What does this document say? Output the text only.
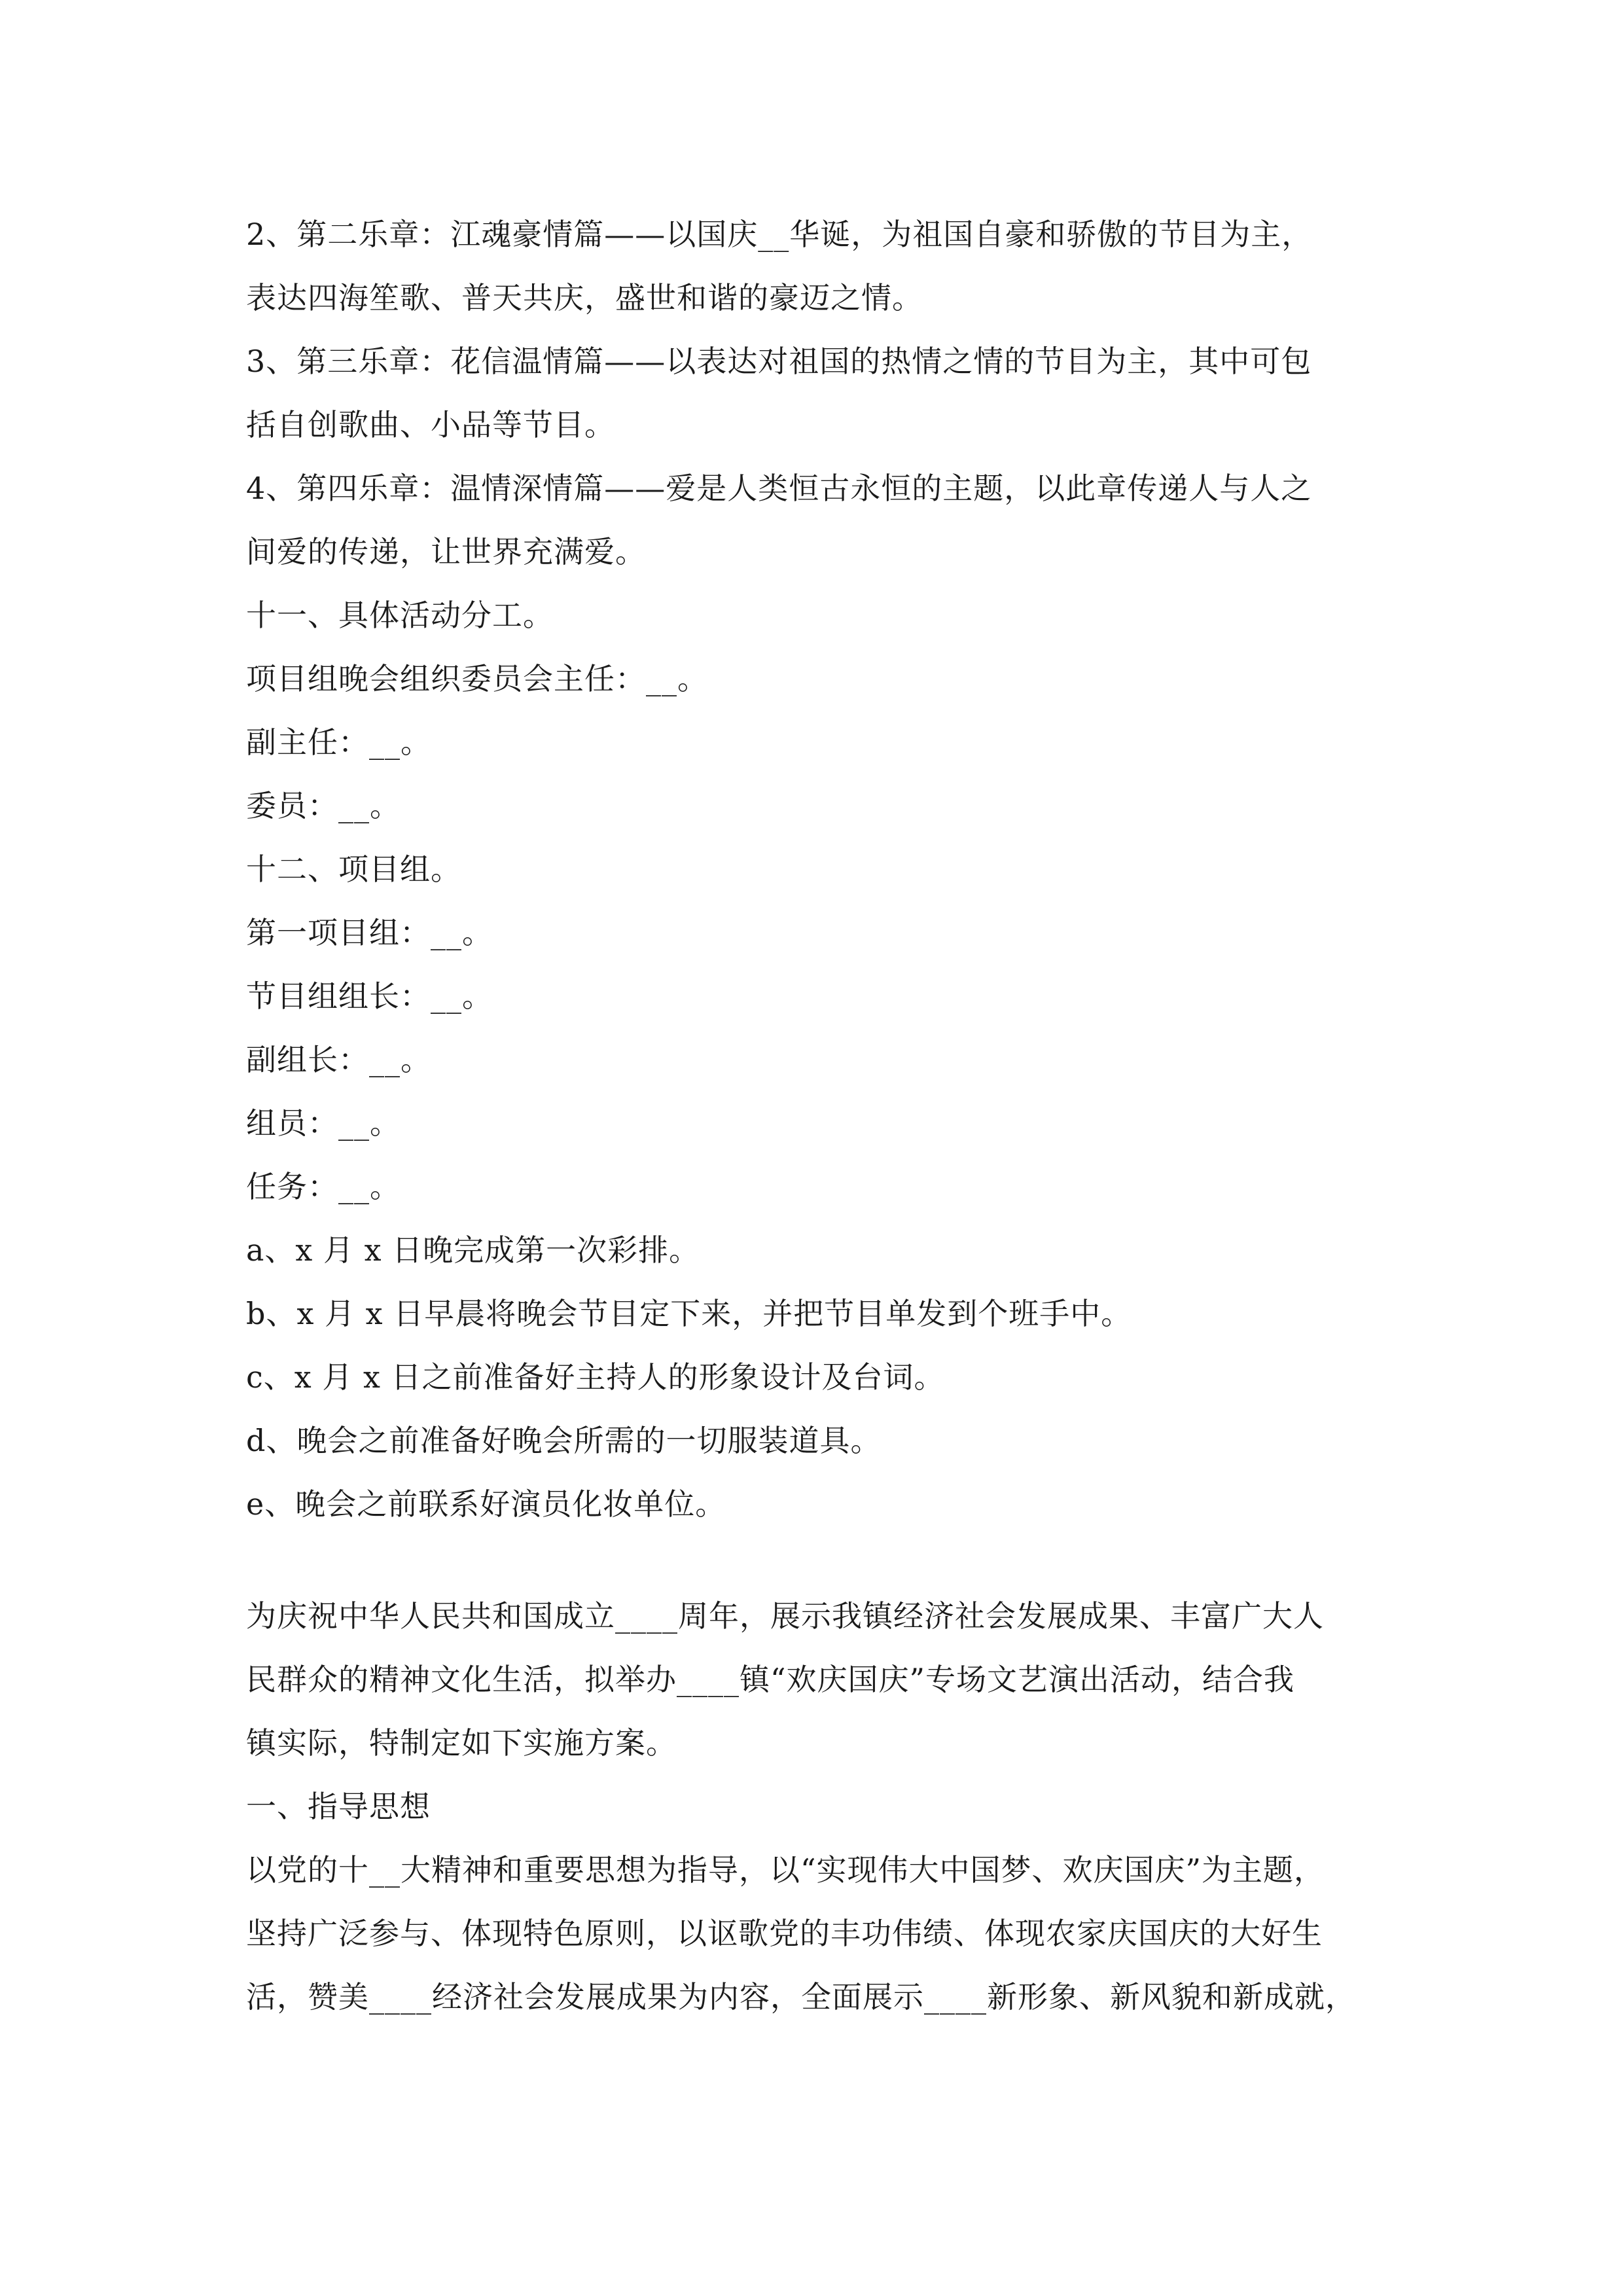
2、第二乐章：江魂豪情篇——以国庆__华诞，为祖国自豪和骄傲的节目为主，

表达四海笙歌、普天共庆，盛世和谐的豪迈之情。

3、第三乐章：花信温情篇——以表达对祖国的热情之情的节目为主，其中可包

括自创歌曲、小品等节目。

4、第四乐章：温情深情篇——爱是人类恒古永恒的主题，以此章传递人与人之

间爱的传递，让世界充满爱。

十一、具体活动分工。

项目组晚会组织委员会主任：__。

副主任：__。

委员：__。

十二、项目组。

第一项目组：__。

节目组组长：__。

副组长：__。

组员：__。

任务：__。

a、x 月 x 日晚完成第一次彩排。

b、x 月 x 日早晨将晚会节目定下来，并把节目单发到个班手中。

c、x 月 x 日之前准备好主持人的形象设计及台词。

d、晚会之前准备好晚会所需的一切服装道具。

e、晚会之前联系好演员化妆单位。

为庆祝中华人民共和国成立____周年，展示我镇经济社会发展成果、丰富广大人

民群众的精神文化生活，拟举办____镇“欢庆国庆”专场文艺演出活动，结合我

镇实际，特制定如下实施方案。

一、指导思想

以党的十__大精神和重要思想为指导，以“实现伟大中国梦、欢庆国庆”为主题，

坚持广泛参与、体现特色原则，以讴歌党的丰功伟绩、体现农家庆国庆的大好生

活，赞美____经济社会发展成果为内容，全面展示____新形象、新风貌和新成就，
